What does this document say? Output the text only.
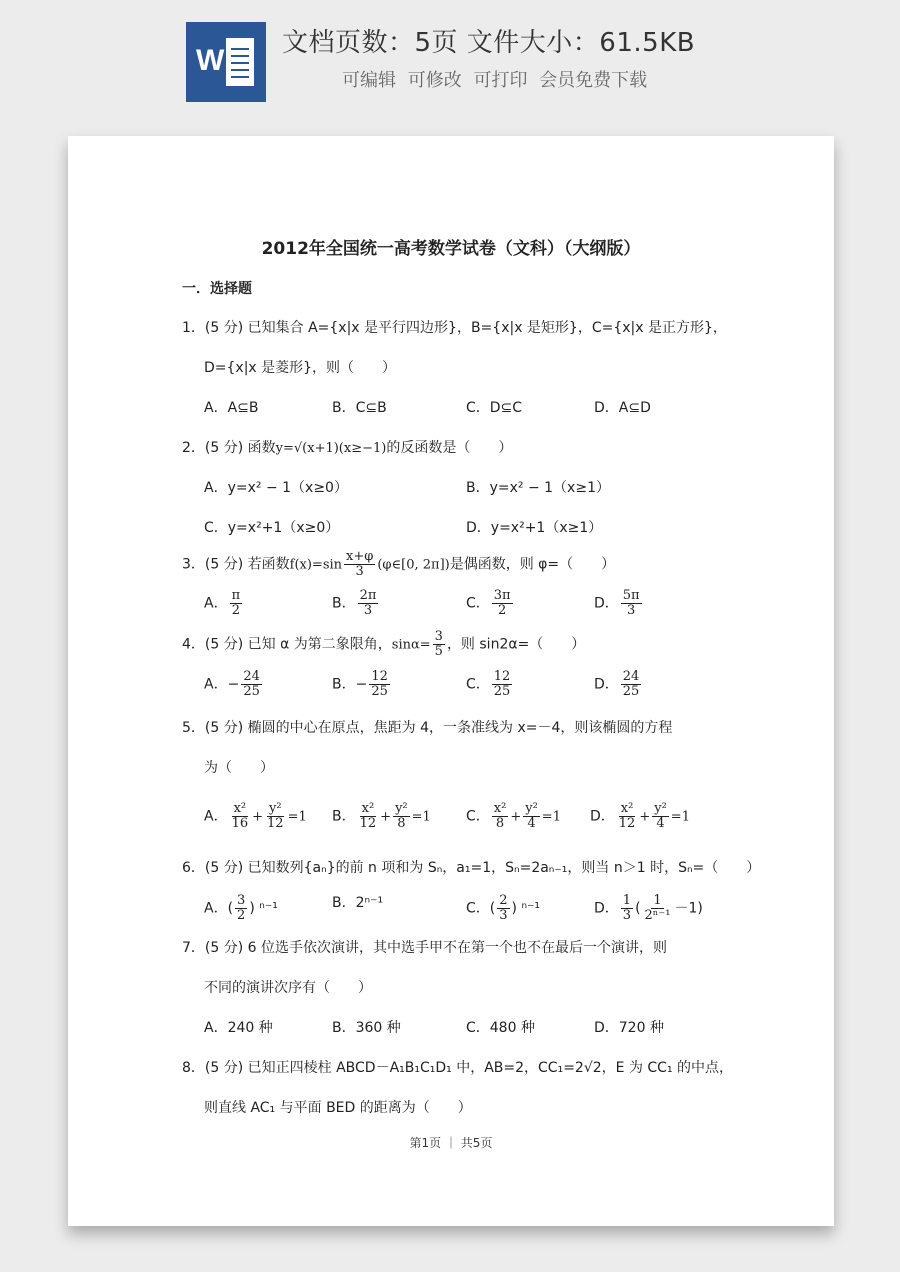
W
文档页数：5页 文件大小：61.5KB
可编辑 可修改 可打印 会员免费下载
2012年全国统一高考数学试卷（文科）（大纲版）
一．选择题
1．(5 分) 已知集合 A={x|x 是平行四边形}，B={x|x 是矩形}，C={x|x 是正方形}，
D={x|x 是菱形}，则（　　）
A．A⊆B	B．C⊆B	C．D⊆C	D．A⊆D
2．(5 分) 函数y=√(x+1)(x≥−1)的反函数是（　　）
A．y=x² − 1（x≥0）	B．y=x² − 1（x≥1）
C．y=x²+1（x≥0）	D．y=x²+1（x≥1）
3．(5 分) 若函数$f(x)=\sin \frac{x+\varphi}{3}$ (φ∈[0, 2π])是偶函数，则 φ=（　　）
A． $\frac{\pi}{2}$	B． $\frac{2\pi}{3}$	C． $\frac{3\pi}{2}$	D． $\frac{5\pi}{3}$
4．(5 分) 已知 α 为第二象限角，$\sin\alpha= \frac{3}{5}$ ，则 sin2α=（　　）
A．− $\frac{24}{25}$	B．− $\frac{12}{25}$	C． $\frac{12}{25}$	D． $\frac{24}{25}$
5．(5 分) 椭圆的中心在原点，焦距为 4，一条准线为 x=－4，则该椭圆的方程
为（　　）
A． $\frac{\text{x²}}{16} + \frac{\text{y²}}{12} =1$ B． $\frac{\text{x²}}{12} + \frac{\text{y²}}{8} =1$	C． $\frac{\text{x²}}{8} + \frac{\text{y²}}{4} =1$ D． $\frac{\text{x²}}{12} + \frac{\text{y²}}{4} =1$
6．(5 分) 已知数列{aₙ}的前 n 项和为 Sₙ，a₁=1，Sₙ=2aₙ₋₁，则当 n＞1 时，Sₙ=（　　）
A．( $\frac{3}{2}$ ) ⁿ⁻¹	B．2ⁿ⁻¹	C．( $\frac{2}{3}$ ) ⁿ⁻¹	D． $\frac{1}{3}$ ( $\frac{1}{\text{2ⁿ⁻¹}} -1$)
7．(5 分) 6 位选手依次演讲，其中选手甲不在第一个也不在最后一个演讲，则
不同的演讲次序有（　　）
A．240 种	B．360 种	C．480 种	D．720 种
8．(5 分) 已知正四棱柱 ABCD－A₁B₁C₁D₁ 中，AB=2，CC₁=2√2，E 为 CC₁ 的中点，
则直线 AC₁ 与平面 BED 的距离为（　　）
第1页 ｜ 共5页
